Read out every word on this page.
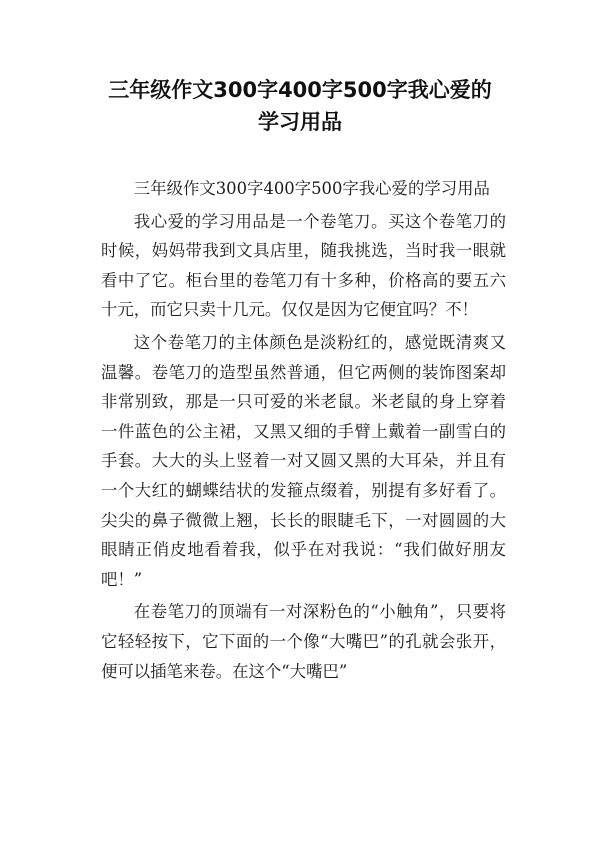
三年级作文300字400字500字我心爱的学习用品

三年级作文300字400字500字我心爱的学习用品

我心爱的学习用品是一个卷笔刀。买这个卷笔刀的时候，妈妈带我到文具店里，随我挑选，当时我一眼就看中了它。柜台里的卷笔刀有十多种，价格高的要五六十元，而它只卖十几元。仅仅是因为它便宜吗？不！

这个卷笔刀的主体颜色是淡粉红的，感觉既清爽又温馨。卷笔刀的造型虽然普通，但它两侧的装饰图案却非常别致，那是一只可爱的米老鼠。米老鼠的身上穿着一件蓝色的公主裙，又黑又细的手臂上戴着一副雪白的手套。大大的头上竖着一对又圆又黑的大耳朵，并且有一个大红的蝴蝶结状的发箍点缀着，别提有多好看了。尖尖的鼻子微微上翘，长长的眼睫毛下，一对圆圆的大眼睛正俏皮地看着我，似乎在对我说：“我们做好朋友吧！”

在卷笔刀的顶端有一对深粉色的“小触角”，只要将它轻轻按下，它下面的一个像“大嘴巴”的孔就会张开，便可以插笔来卷。在这个“大嘴巴”
